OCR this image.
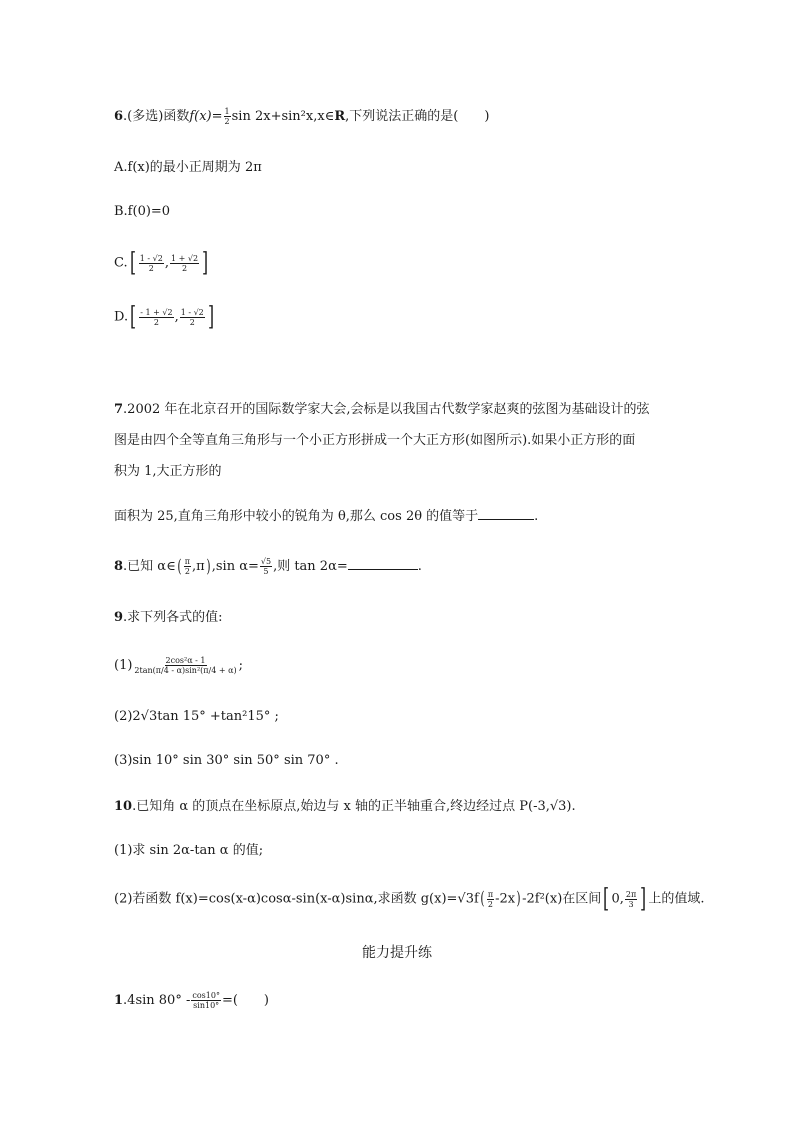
6.(多选)函数$f(x)= \frac{1}{2}$ sin 2x+sin²x,x∈R,下列说法正确的是(　　)
A.f(x)的最小正周期为 2π
B.f(0)=0
$C.[ \frac{1 - √2}{2}$ , $\frac{1 + √2}{2}$ ]
$D.[ \frac{- 1 + √2}{2}$ , $\frac{1 - √2}{2}$ ]
7.2002 年在北京召开的国际数学家大会,会标是以我国古代数学家赵爽的弦图为基础设计的弦
图是由四个全等直角三角形与一个小正方形拼成一个大正方形(如图所示).如果小正方形的面
积为 1,大正方形的
面积为 25,直角三角形中较小的锐角为 θ,那么 cos 2θ 的值等于	.
8.已知 α∈( $\frac{\pi}{2} ,\pi),\sin$ $\alpha= \frac{√5}{5}$ ,则 tan 2α=	.
9.求下列各式的值:
$(1) \frac{\text{2cos²α - 1}}{\text{2tan(π/4 - α)sin²(π/4 + α)}}$ ;
(2)2√3tan 15° +tan²15° ;
(3)sin 10° sin 30° sin 50° sin 70° .
10.已知角 α 的顶点在坐标原点,始边与 x 轴的正半轴重合,终边经过点 P(-3,√3).
(1)求 sin 2α-tan α 的值;
(2)若函数 f(x)=cos(x-α)cosα-sin(x-α)sinα,求函数 $g(x)=√3f( \frac{\pi}{2} -2x)-2f^2(x)$在区间[ 0, $\frac{2\pi}{3}$ ] 上的值域.
能力提升练
1.4sin $80^\circ - \frac{\cos 10^\circ}{\sin 10^\circ}$ =(　　)
